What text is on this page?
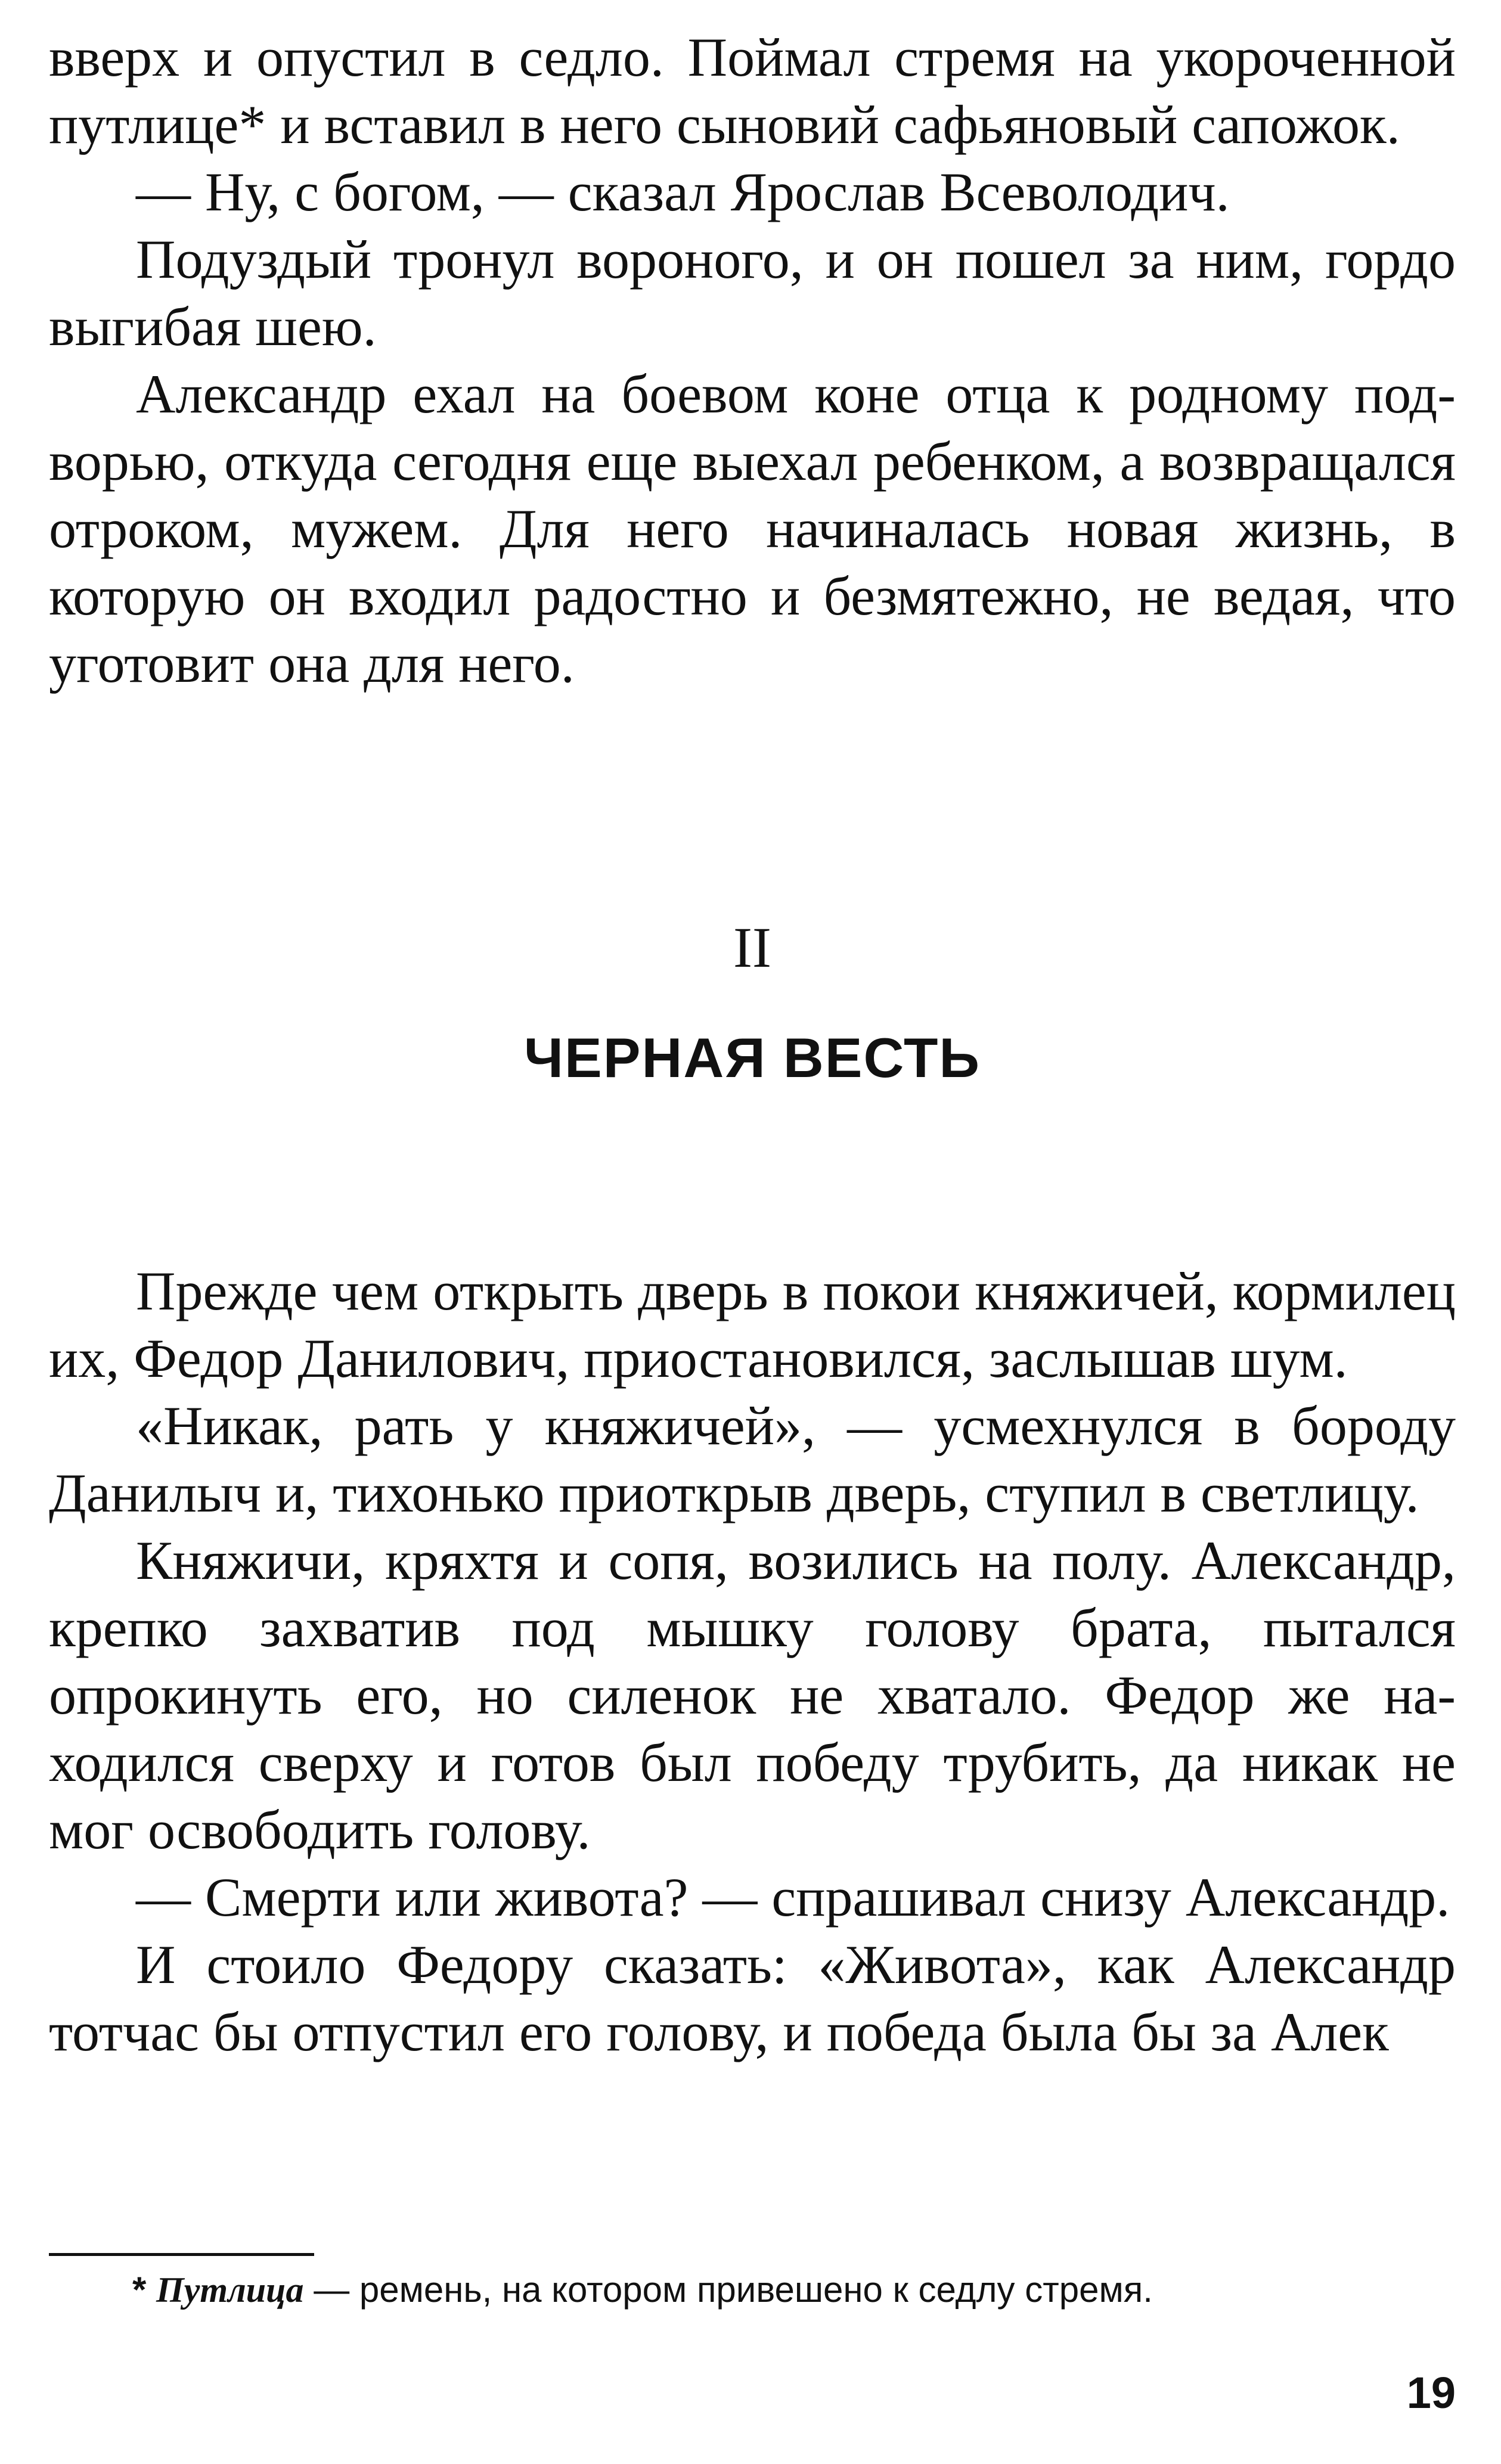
вверх и опустил в седло. Поймал стремя на укороченной путлице* и вставил в него сыновий сафьяновый сапожок.

— Ну, с богом, — сказал Ярослав Всеволодич.

Подуздый тронул вороного, и он пошел за ним, гордо выгибая шею.

Александр ехал на боевом коне отца к родному подворью, откуда сегодня еще выехал ребенком, а возвращался отроком, мужем. Для него начиналась новая жизнь, в которую он входил радостно и безмятежно, не ведая, что уготовит она для него.

II
ЧЕРНАЯ ВЕСТЬ

Прежде чем открыть дверь в покои княжичей, кормилец их, Федор Данилович, приостановился, заслышав шум.

«Никак, рать у княжичей», — усмехнулся в бороду Данилыч и, тихонько приоткрыв дверь, ступил в светлицу.

Княжичи, кряхтя и сопя, возились на полу. Александр, крепко захватив под мышку голову брата, пытался опрокинуть его, но силенок не хватало. Федор же находился сверху и готов был победу трубить, да никак не мог освободить голову.

— Смерти или живота? — спрашивал снизу Александр.

И стоило Федору сказать: «Живота», как Александр тотчас бы отпустил его голову, и победа была бы за Алек

* Путлица — ремень, на котором привешено к седлу стремя.

19
